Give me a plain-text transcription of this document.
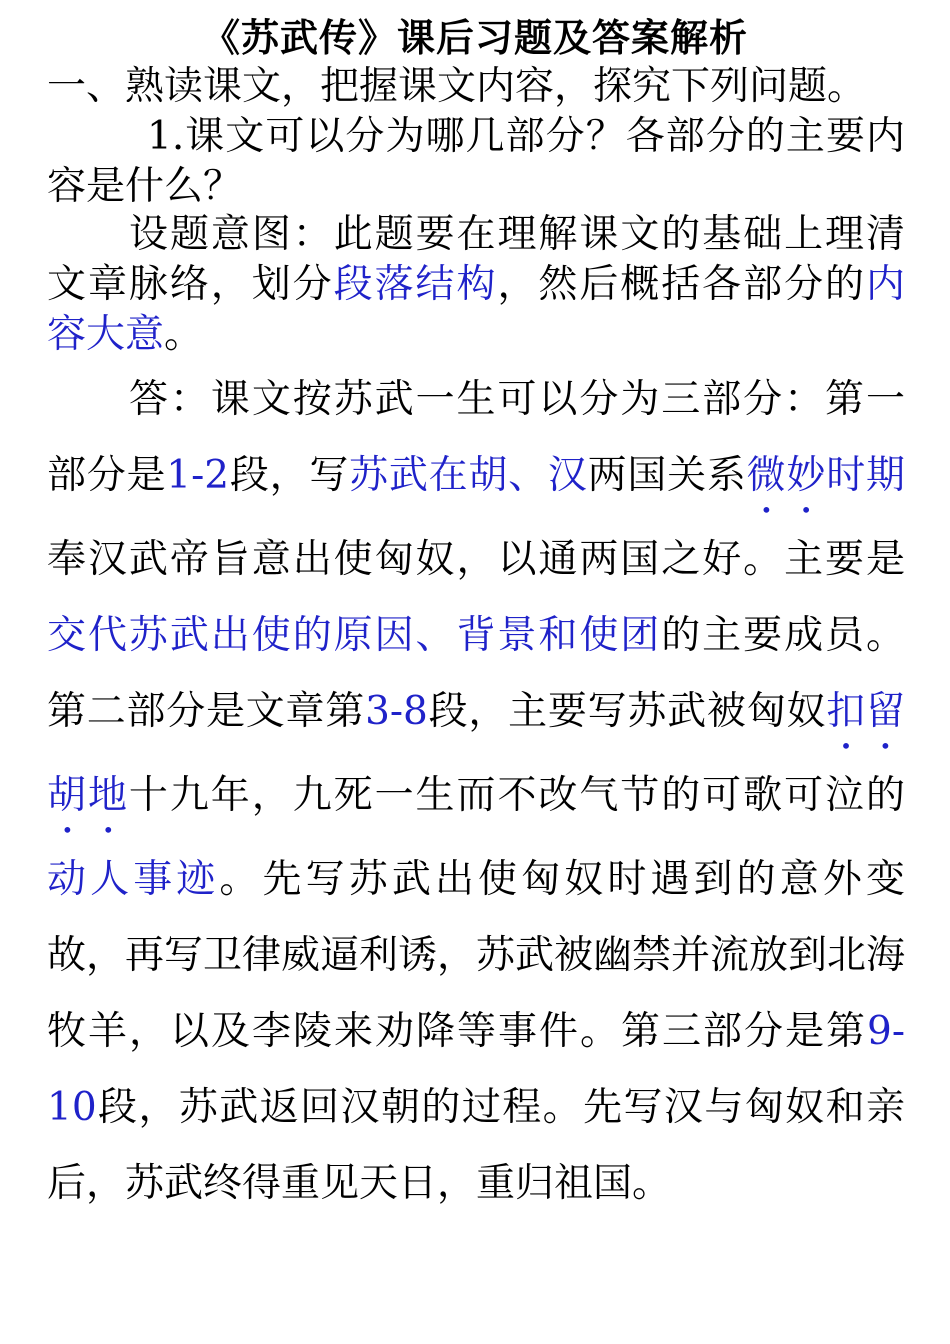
《苏武传》课后习题及答案解析

一、熟读课文，把握课文内容，探究下列问题。

1.课文可以分为哪几部分？各部分的主要内容是什么？

设题意图：此题要在理解课文的基础上理清文章脉络，划分段落结构，然后概括各部分的内容大意。

答：课文按苏武一生可以分为三部分：第一部分是1-2段，写苏武在胡、汉两国关系微妙时期奉汉武帝旨意出使匈奴，以通两国之好。主要是交代苏武出使的原因、背景和使团的主要成员。第二部分是文章第3-8段，主要写苏武被匈奴扣留胡地十九年，九死一生而不改气节的可歌可泣的动人事迹。先写苏武出使匈奴时遇到的意外变故，再写卫律威逼利诱，苏武被幽禁并流放到北海牧羊，以及李陵来劝降等事件。第三部分是第9-10段，苏武返回汉朝的过程。先写汉与匈奴和亲后，苏武终得重见天日，重归祖国。
